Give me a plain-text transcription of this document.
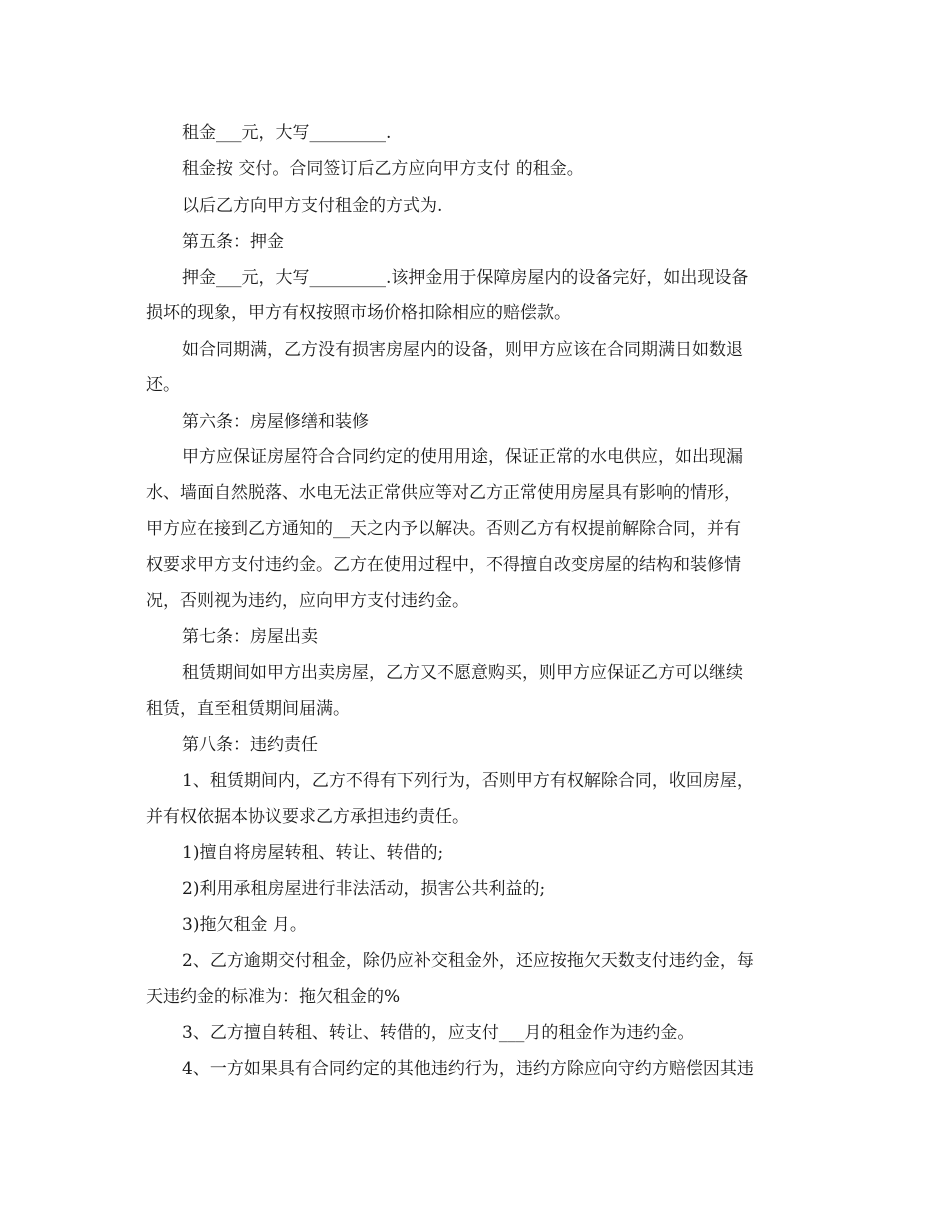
租金___元，大写_________.
租金按 交付。合同签订后乙方应向甲方支付 的租金。
以后乙方向甲方支付租金的方式为.
第五条：押金
押金___元，大写_________.该押金用于保障房屋内的设备完好，如出现设备
损坏的现象，甲方有权按照市场价格扣除相应的赔偿款。
如合同期满，乙方没有损害房屋内的设备，则甲方应该在合同期满日如数退
还。
第六条：房屋修缮和装修
甲方应保证房屋符合合同约定的使用用途，保证正常的水电供应，如出现漏
水、墙面自然脱落、水电无法正常供应等对乙方正常使用房屋具有影响的情形，
甲方应在接到乙方通知的__天之内予以解决。否则乙方有权提前解除合同，并有
权要求甲方支付违约金。乙方在使用过程中，不得擅自改变房屋的结构和装修情
况，否则视为违约，应向甲方支付违约金。
第七条：房屋出卖
租赁期间如甲方出卖房屋，乙方又不愿意购买，则甲方应保证乙方可以继续
租赁，直至租赁期间届满。
第八条：违约责任
1、租赁期间内，乙方不得有下列行为，否则甲方有权解除合同，收回房屋，
并有权依据本协议要求乙方承担违约责任。
1)擅自将房屋转租、转让、转借的;
2)利用承租房屋进行非法活动，损害公共利益的;
3)拖欠租金 月。
2、乙方逾期交付租金，除仍应补交租金外，还应按拖欠天数支付违约金，每
天违约金的标准为：拖欠租金的%
3、乙方擅自转租、转让、转借的，应支付___月的租金作为违约金。
4、一方如果具有合同约定的其他违约行为，违约方除应向守约方赔偿因其违
